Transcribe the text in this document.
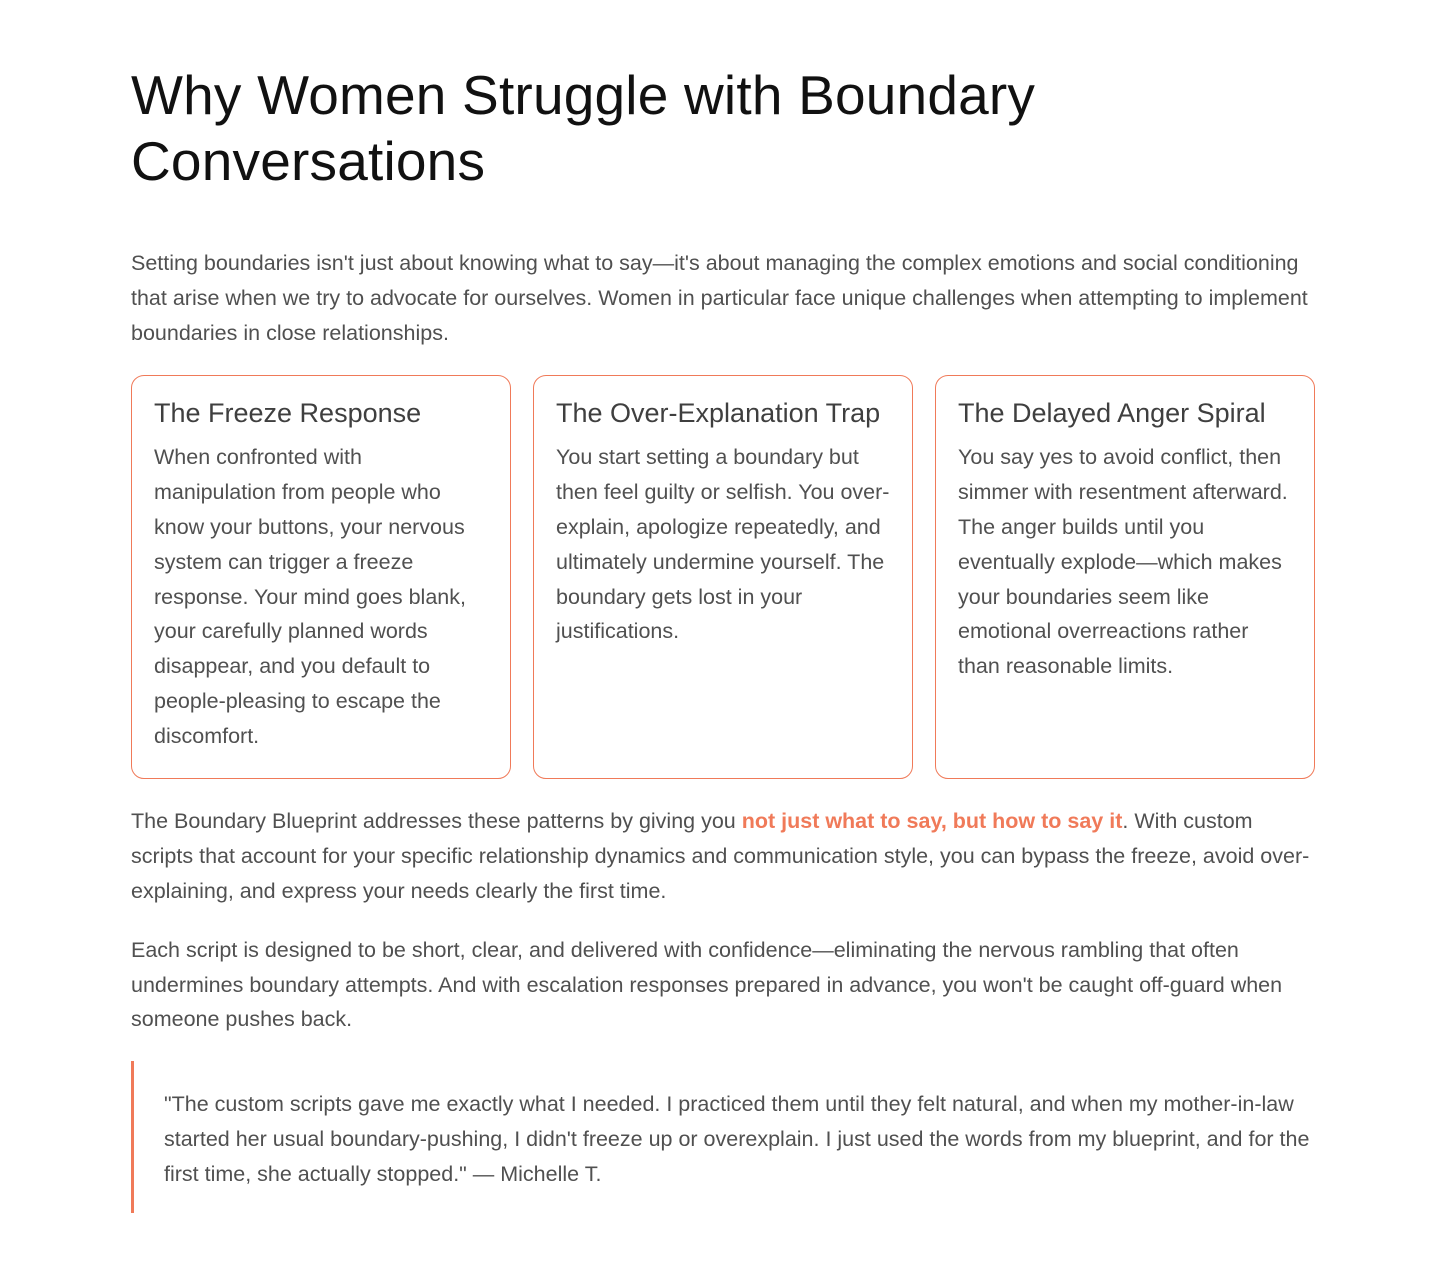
Why Women Struggle with Boundary Conversations

Setting boundaries isn't just about knowing what to say—it's about managing the complex emotions and social conditioning that arise when we try to advocate for ourselves. Women in particular face unique challenges when attempting to implement boundaries in close relationships.

The Freeze Response

When confronted with manipulation from people who know your buttons, your nervous system can trigger a freeze response. Your mind goes blank, your carefully planned words disappear, and you default to people-pleasing to escape the discomfort.

The Over-Explanation Trap

You start setting a boundary but then feel guilty or selfish. You over-explain, apologize repeatedly, and ultimately undermine yourself. The boundary gets lost in your justifications.

The Delayed Anger Spiral

You say yes to avoid conflict, then simmer with resentment afterward. The anger builds until you eventually explode—which makes your boundaries seem like emotional overreactions rather than reasonable limits.

The Boundary Blueprint addresses these patterns by giving you not just what to say, but how to say it. With custom scripts that account for your specific relationship dynamics and communication style, you can bypass the freeze, avoid over-explaining, and express your needs clearly the first time.

Each script is designed to be short, clear, and delivered with confidence—eliminating the nervous rambling that often undermines boundary attempts. And with escalation responses prepared in advance, you won't be caught off-guard when someone pushes back.

"The custom scripts gave me exactly what I needed. I practiced them until they felt natural, and when my mother-in-law started her usual boundary-pushing, I didn't freeze up or overexplain. I just used the words from my blueprint, and for the first time, she actually stopped." — Michelle T.
